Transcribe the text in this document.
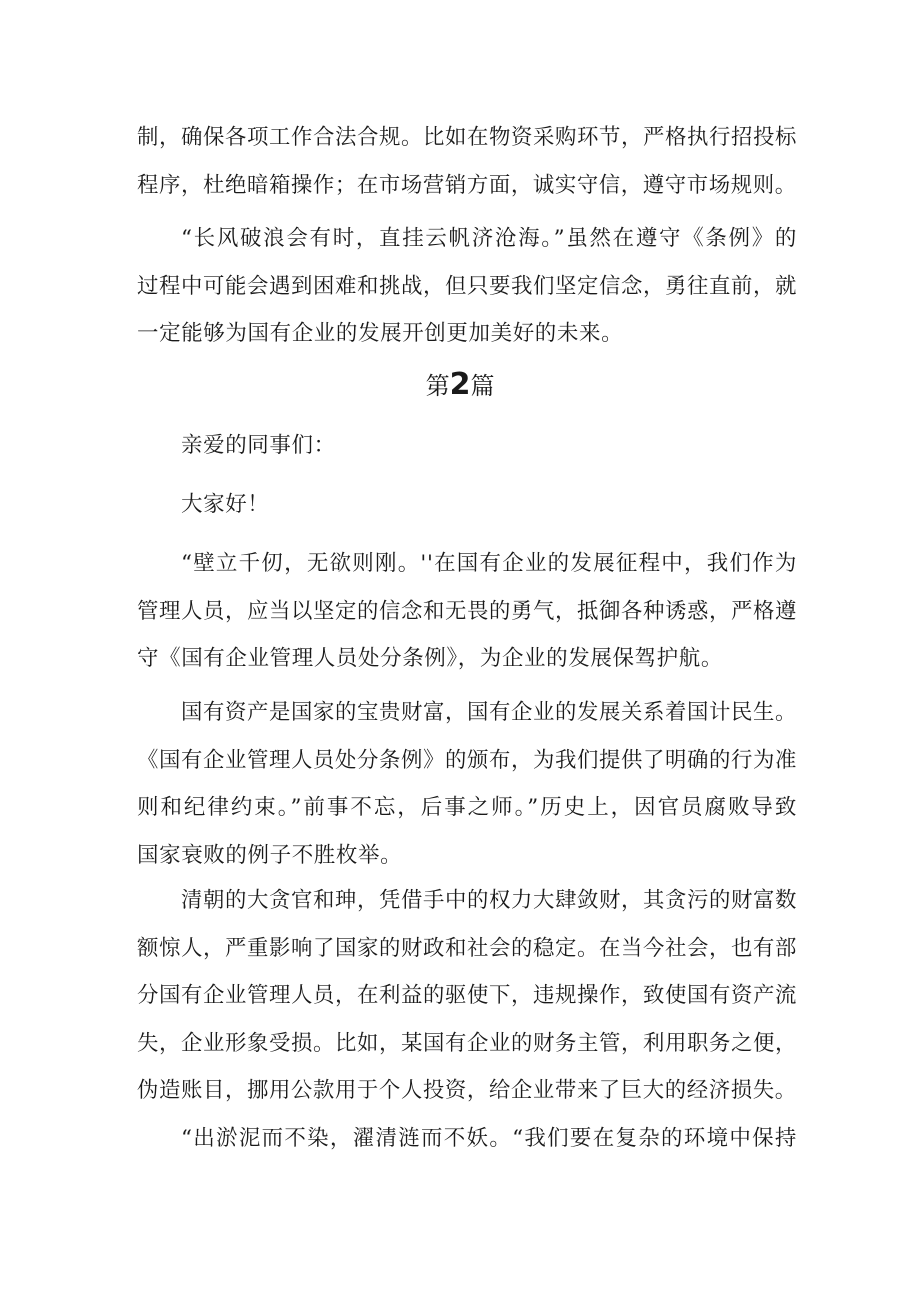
制，确保各项工作合法合规。比如在物资采购环节，严格执行招投标
程序，杜绝暗箱操作；在市场营销方面，诚实守信，遵守市场规则。
“长风破浪会有时，直挂云帆济沧海。”虽然在遵守《条例》的
过程中可能会遇到困难和挑战，但只要我们坚定信念，勇往直前，就
一定能够为国有企业的发展开创更加美好的未来。
第2篇
亲爱的同事们：
大家好！
“壁立千仞，无欲则刚。''在国有企业的发展征程中，我们作为
管理人员，应当以坚定的信念和无畏的勇气，抵御各种诱惑，严格遵
守《国有企业管理人员处分条例》，为企业的发展保驾护航。
国有资产是国家的宝贵财富，国有企业的发展关系着国计民生。
《国有企业管理人员处分条例》的颁布，为我们提供了明确的行为准
则和纪律约束。”前事不忘，后事之师。”历史上，因官员腐败导致
国家衰败的例子不胜枚举。
清朝的大贪官和珅，凭借手中的权力大肆敛财，其贪污的财富数
额惊人，严重影响了国家的财政和社会的稳定。在当今社会，也有部
分国有企业管理人员，在利益的驱使下，违规操作，致使国有资产流
失，企业形象受损。比如，某国有企业的财务主管，利用职务之便，
伪造账目，挪用公款用于个人投资，给企业带来了巨大的经济损失。
“出淤泥而不染，濯清涟而不妖。“我们要在复杂的环境中保持
